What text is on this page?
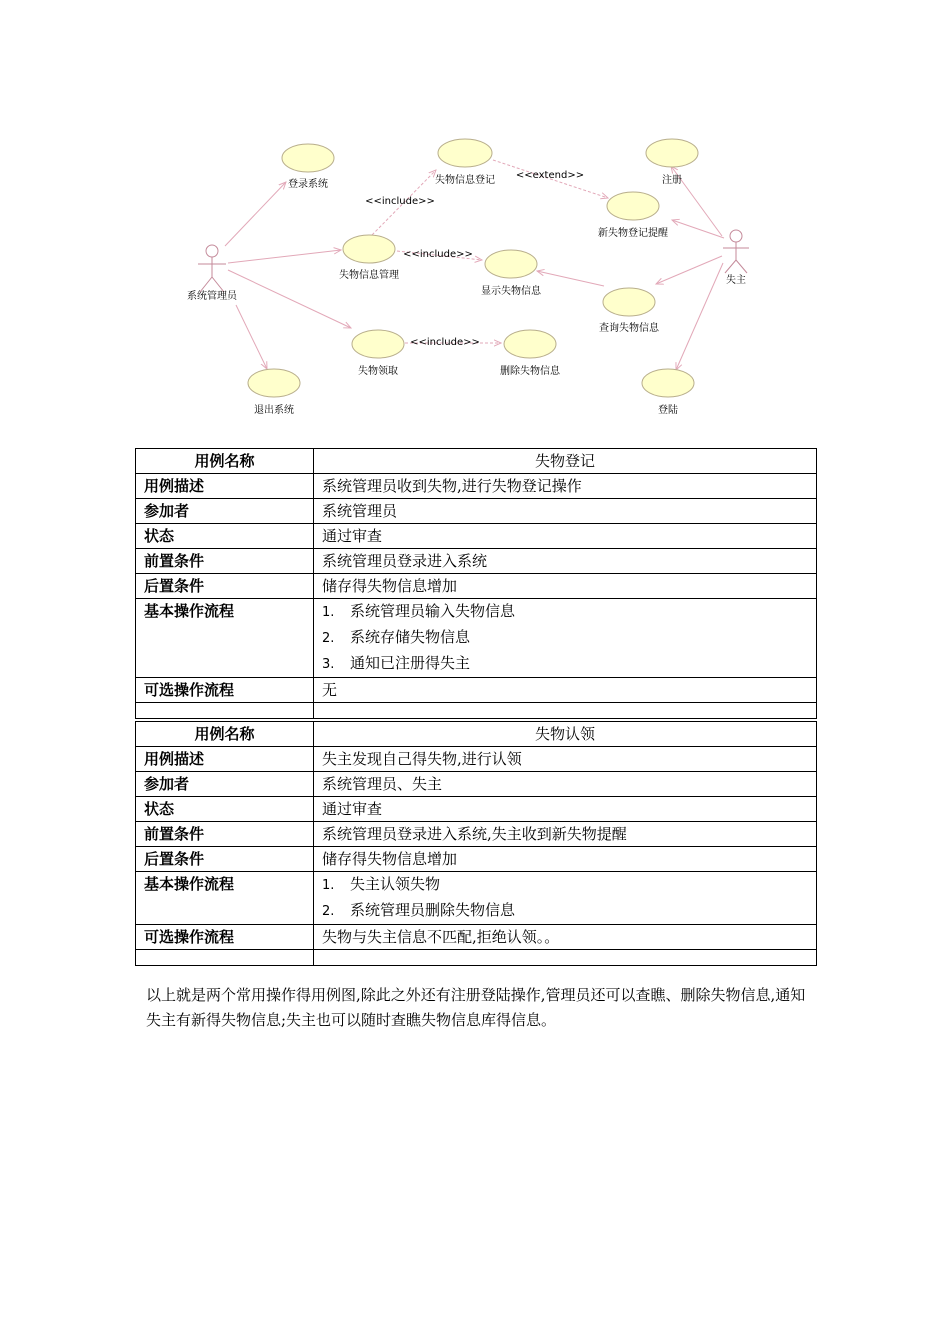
系统管理员
失主
登录系统	失物信息登记	注册
新失物登记提醒
失物信息管理
显示失物信息
查询失物信息
失物领取	删除失物信息
退出系统	登陆
<<include>>
<<extend>>
<<include>>
<<include>>
用例名称	失物登记
用例描述	系统管理员收到失物,进行失物登记操作
参加者	系统管理员
状态	通过审查
前置条件	系统管理员登录进入系统
后置条件	储存得失物信息增加
基本操作流程	1. 系统管理员输入失物信息
2. 系统存储失物信息
3. 通知已注册得失主

可选操作流程	无

用例名称	失物认领
用例描述	失主发现自己得失物,进行认领
参加者	系统管理员、失主
状态	通过审查
前置条件	系统管理员登录进入系统,失主收到新失物提醒
后置条件	储存得失物信息增加
基本操作流程	1. 失主认领失物
2. 系统管理员删除失物信息

可选操作流程	失物与失主信息不匹配,拒绝认领。。

以上就是两个常用操作得用例图,除此之外还有注册登陆操作,管理员还可以查瞧、删除失物信息,通知失主有新得失物信息;失主也可以随时查瞧失物信息库得信息。
